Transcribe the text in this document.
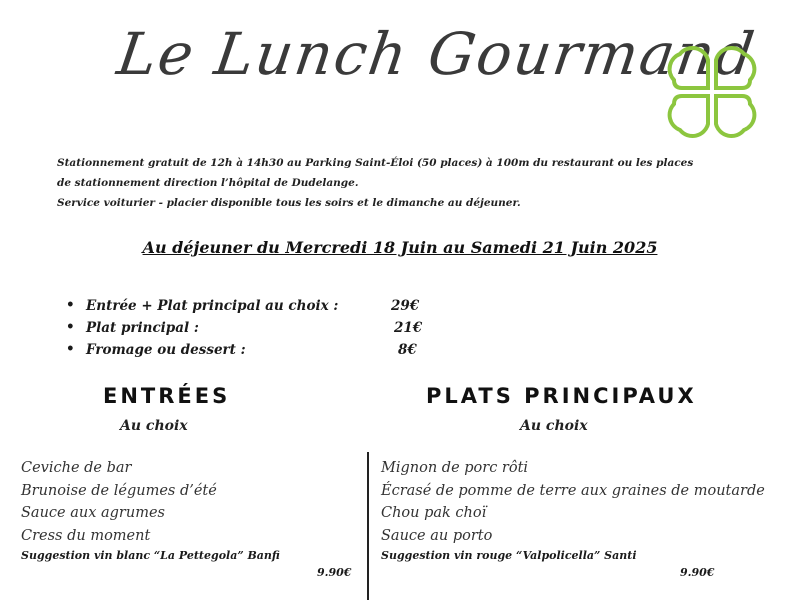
Le Lunch Gourmand
Stationnement gratuit de 12h à 14h30 au Parking Saint-Éloi (50 places) à 100m du restaurant ou les places
de stationnement direction l’hôpital de Dudelange.
Service voiturier - placier disponible tous les soirs et le dimanche au déjeuner.
Au déjeuner du Mercredi 18 Juin au Samedi 21 Juin 2025
• Entrée + Plat principal au choix :	29€
• Plat principal :	21€
• Fromage ou dessert :	8€
ENTRÉES
Au choix
Ceviche de bar
Brunoise de légumes d’été
Sauce aux agrumes
Cress du moment
Suggestion vin blanc “La Pettegola” Banfi
9.90€
PLATS PRINCIPAUX
Au choix
Mignon de porc rôti
Écrasé de pomme de terre aux graines de moutarde
Chou pak choï
Sauce au porto
Suggestion vin rouge “Valpolicella” Santi
9.90€
